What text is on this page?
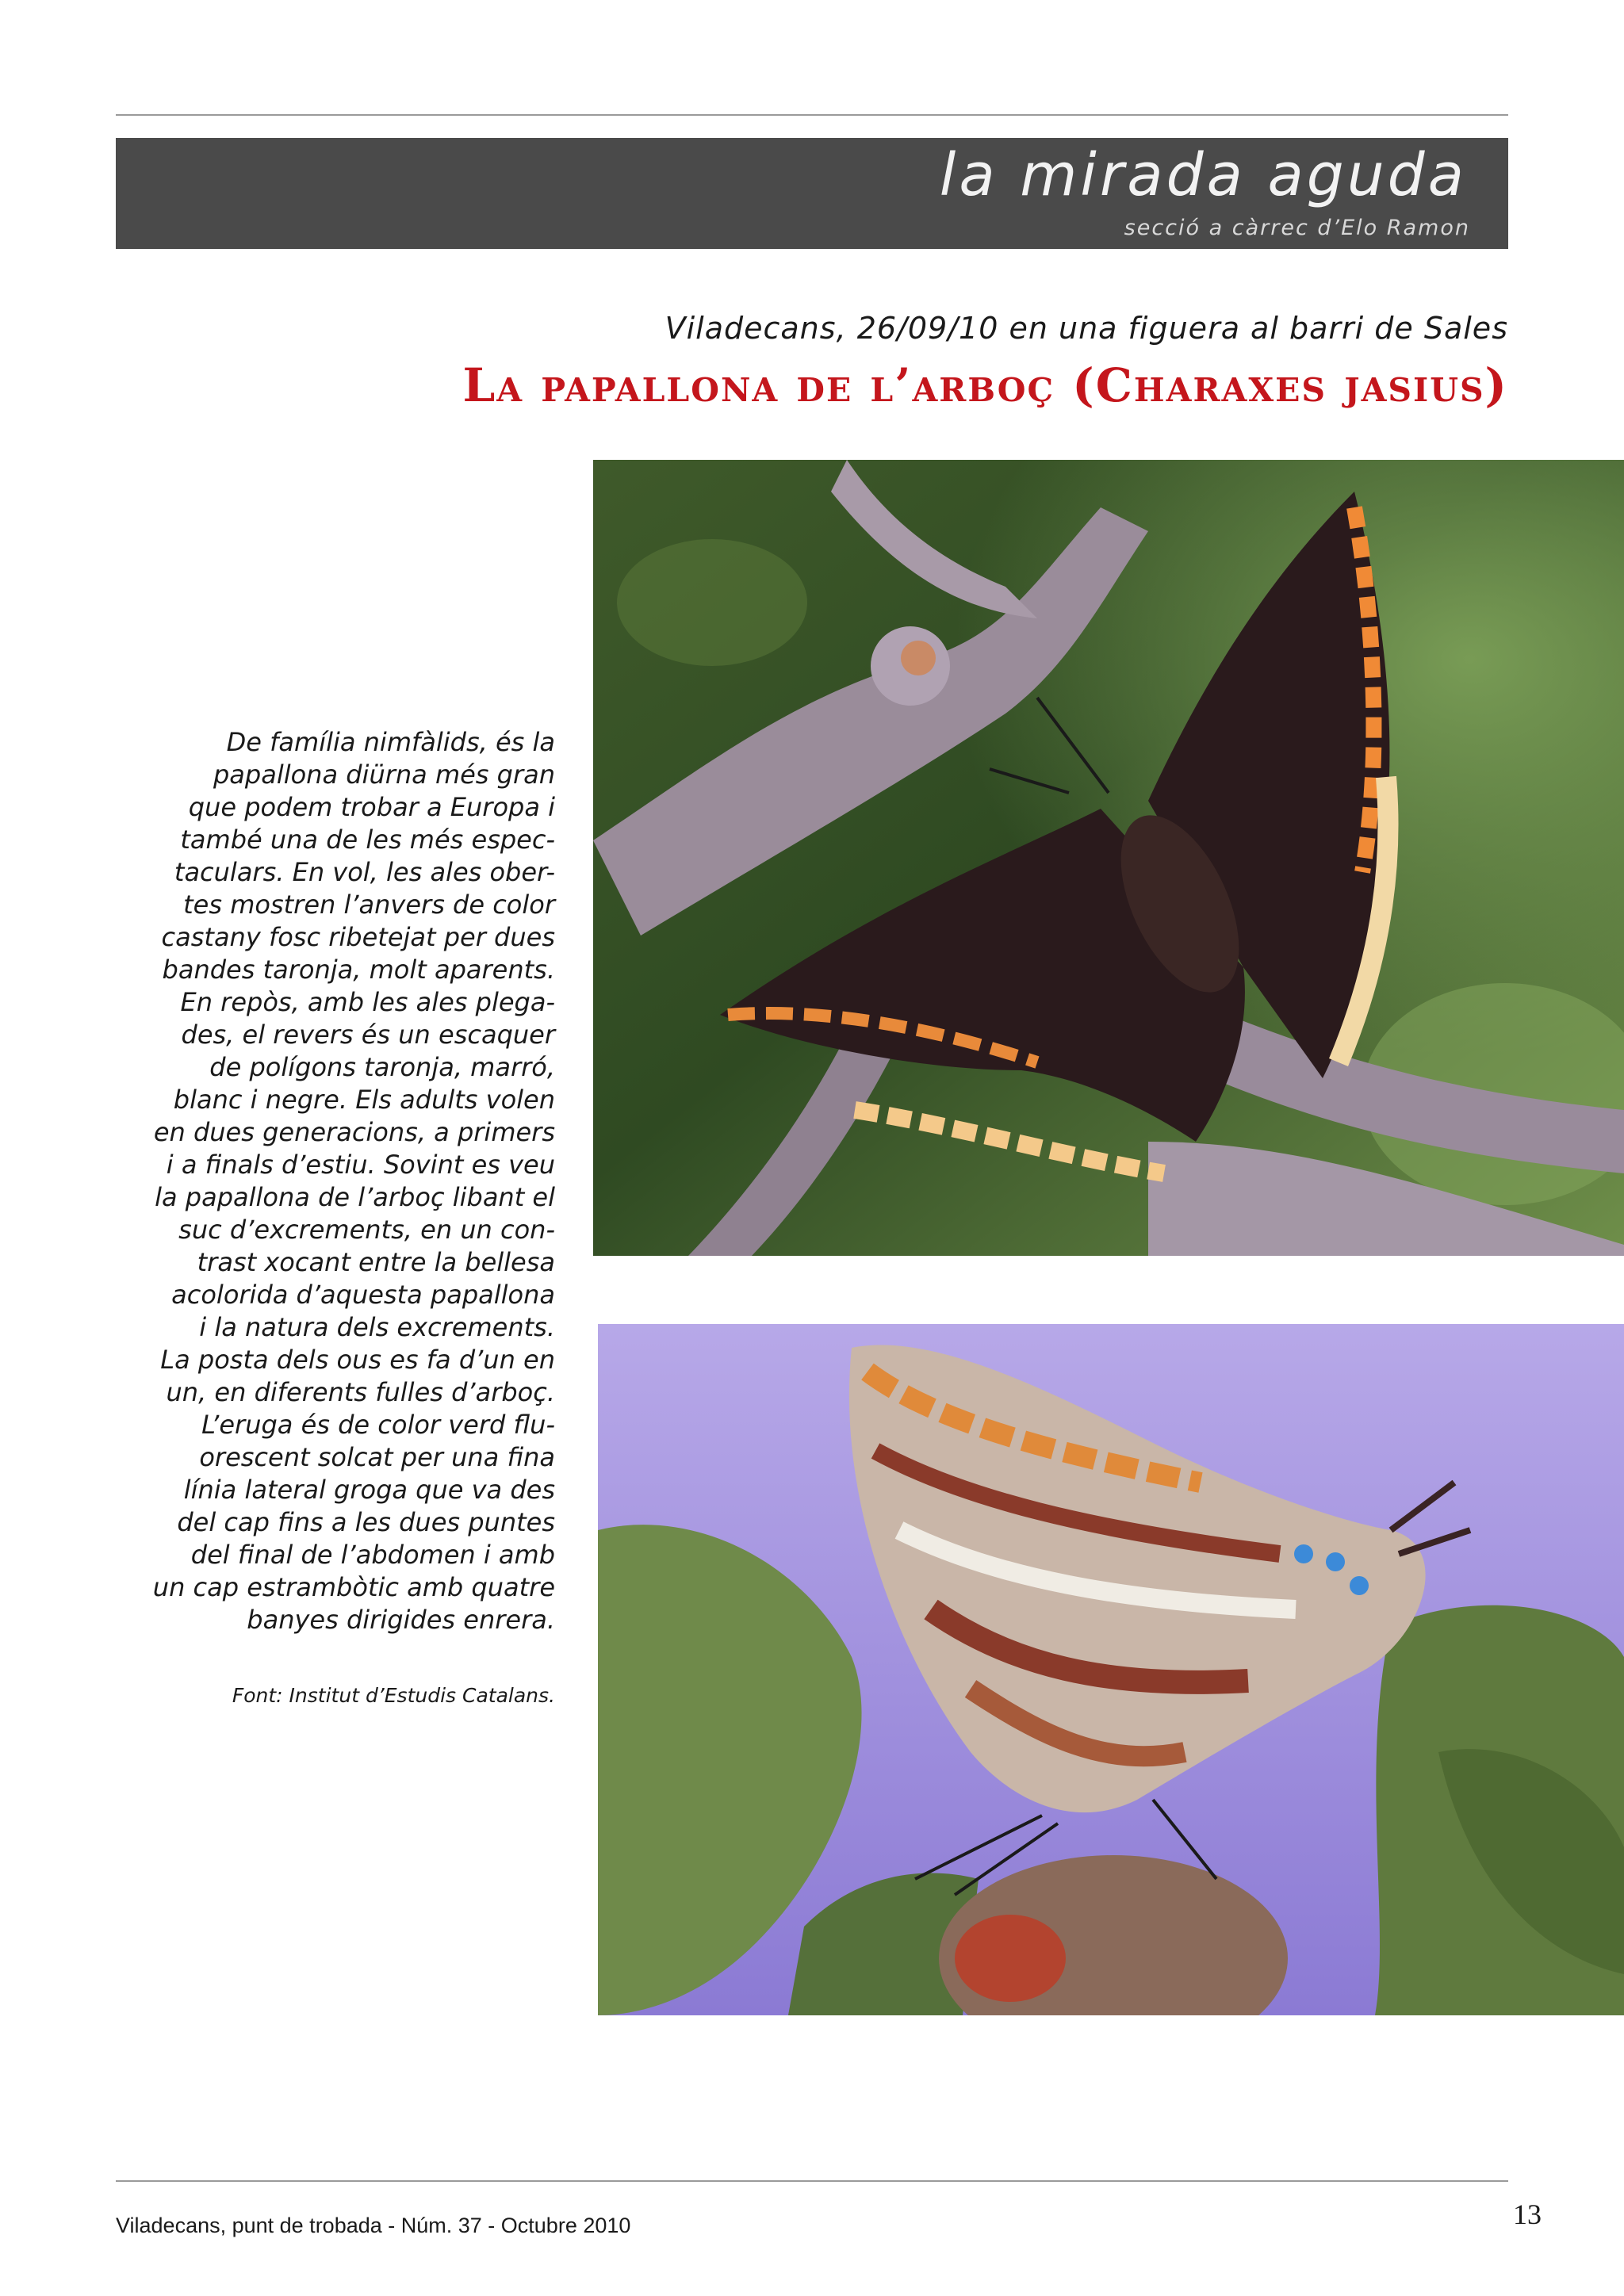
la mirada aguda
secció a càrrec d’Elo Ramon
Viladecans, 26/09/10 en una figuera al barri de Sales
La papallona de l’arboç (Charaxes jasius)
De família nimfàlids, és la
papallona diürna més gran
que podem trobar a Europa i
també una de les més espec-
taculars. En vol, les ales ober-
tes mostren l’anvers de color
castany fosc ribetejat per dues
bandes taronja, molt aparents.
En repòs, amb les ales plega-
des, el revers és un escaquer
de polígons taronja, marró,
blanc i negre. Els adults volen
en dues generacions, a primers
i a finals d’estiu. Sovint es veu
la papallona de l’arboç libant el
suc d’excrements, en un con-
trast xocant entre la bellesa
acolorida d’aquesta papallona
i la natura dels excrements.
La posta dels ous es fa d’un en
un, en diferents fulles d’arboç.
L’eruga és de color verd flu-
orescent solcat per una fina
línia lateral groga que va des
del cap fins a les dues puntes
del final de l’abdomen i amb
un cap estrambòtic amb quatre
banyes dirigides enrera.
Font: Institut d’Estudis Catalans.
Viladecans, punt de trobada - Núm. 37 - Octubre 2010	13
